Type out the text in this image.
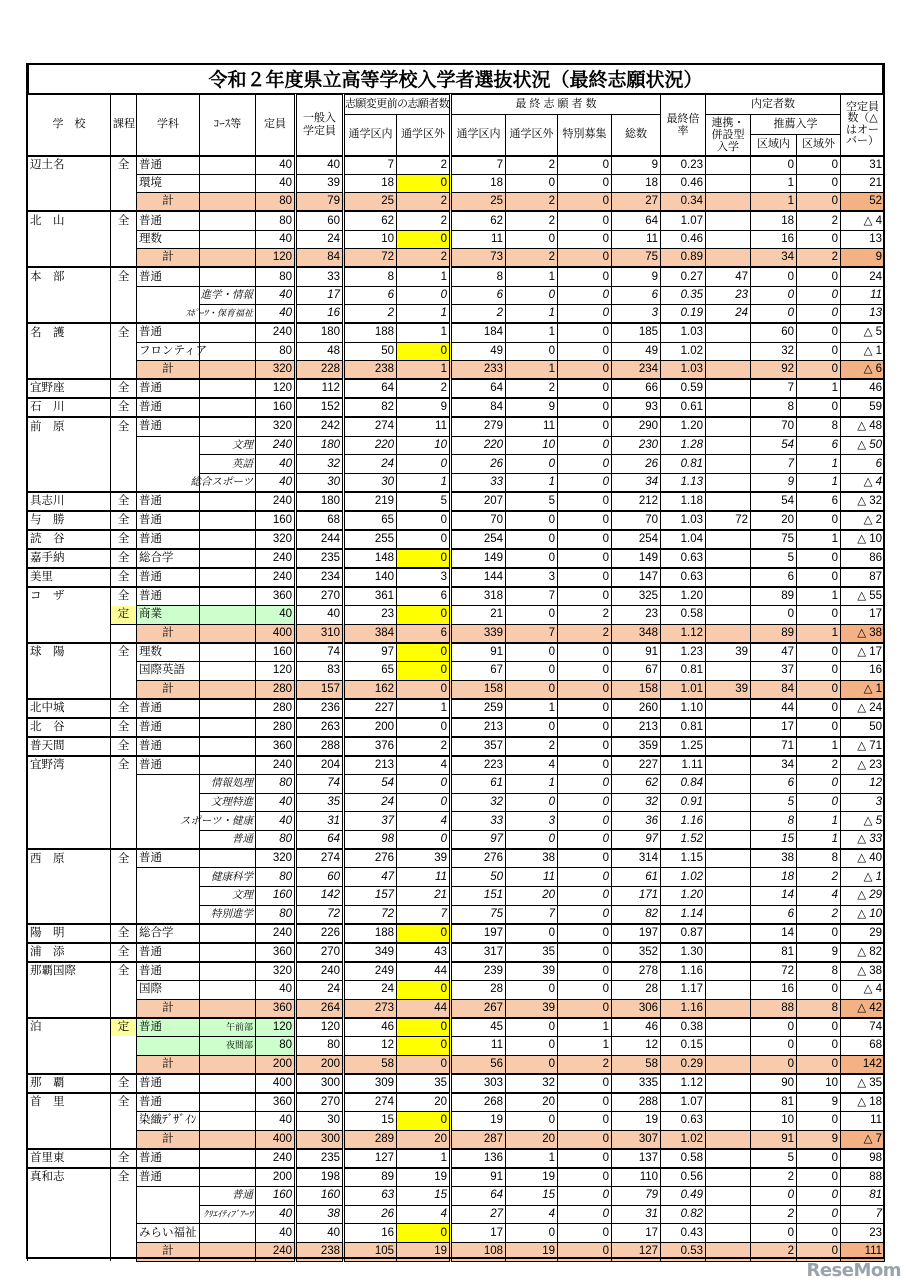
令和２年度県立高等学校入学者選抜状況（最終志願状況）
学　校	課程	学科	ｺｰｽ等	定員	一般入学定員	志願変更前の志願者数		最 終 志 願 者 数				最終倍率	内定者数			空定員数（△はオーバー）
						通学区内	通学区外	通学区内	通学区外	特別募集	総数		連携・併設型入学	推薦入学		
														区域内	区域外	
辺土名	全	普通		40	40	7	2	7	2	0	9	0.23		0	0	31
		環境		40	39	18	0	18	0	0	18	0.46		1	0	21
		計		80	79	25	2	25	2	0	27	0.34		1	0	52
北　山	全	普通		80	60	62	2	62	2	0	64	1.07		18	2	△ 4
		理数		40	24	10	0	11	0	0	11	0.46		16	0	13
		計		120	84	72	2	73	2	0	75	0.89		34	2	9
本　部	全	普通		80	33	8	1	8	1	0	9	0.27	47	0	0	24
			進学・情報	40	17	6	0	6	0	0	6	0.35	23	0	0	11
			ｽﾎﾟｰﾂ・保育福祉	40	16	2	1	2	1	0	3	0.19	24	0	0	13
名　護	全	普通		240	180	188	1	184	1	0	185	1.03		60	0	△ 5
		フロンティア		80	48	50	0	49	0	0	49	1.02		32	0	△ 1
		計		320	228	238	1	233	1	0	234	1.03		92	0	△ 6
宜野座	全	普通		120	112	64	2	64	2	0	66	0.59		7	1	46
石　川	全	普通		160	152	82	9	84	9	0	93	0.61		8	0	59
前　原	全	普通		320	242	274	11	279	11	0	290	1.20		70	8	△ 48
			文理	240	180	220	10	220	10	0	230	1.28		54	6	△ 50
			英語	40	32	24	0	26	0	0	26	0.81		7	1	6
			総合スポーツ	40	30	30	1	33	1	0	34	1.13		9	1	△ 4
具志川	全	普通		240	180	219	5	207	5	0	212	1.18		54	6	△ 32
与　勝	全	普通		160	68	65	0	70	0	0	70	1.03	72	20	0	△ 2
読　谷	全	普通		320	244	255	0	254	0	0	254	1.04		75	1	△ 10
嘉手納	全	総合学		240	235	148	0	149	0	0	149	0.63		5	0	86
美里	全	普通		240	234	140	3	144	3	0	147	0.63		6	0	87
コ　ザ	全	普通		360	270	361	6	318	7	0	325	1.20		89	1	△ 55
	定	商業		40	40	23	0	21	0	2	23	0.58		0	0	17
		計		400	310	384	6	339	7	2	348	1.12		89	1	△ 38
球　陽	全	理数		160	74	97	0	91	0	0	91	1.23	39	47	0	△ 17
		国際英語		120	83	65	0	67	0	0	67	0.81		37	0	16
		計		280	157	162	0	158	0	0	158	1.01	39	84	0	△ 1
北中城	全	普通		280	236	227	1	259	1	0	260	1.10		44	0	△ 24
北　谷	全	普通		280	263	200	0	213	0	0	213	0.81		17	0	50
普天間	全	普通		360	288	376	2	357	2	0	359	1.25		71	1	△ 71
宜野湾	全	普通		240	204	213	4	223	4	0	227	1.11		34	2	△ 23
			情報処理	80	74	54	0	61	1	0	62	0.84		6	0	12
			文理特進	40	35	24	0	32	0	0	32	0.91		5	0	3
			スポーツ・健康	40	31	37	4	33	3	0	36	1.16		8	1	△ 5
			普通	80	64	98	0	97	0	0	97	1.52		15	1	△ 33
西　原	全	普通		320	274	276	39	276	38	0	314	1.15		38	8	△ 40
			健康科学	80	60	47	11	50	11	0	61	1.02		18	2	△ 1
			文理	160	142	157	21	151	20	0	171	1.20		14	4	△ 29
			特別進学	80	72	72	7	75	7	0	82	1.14		6	2	△ 10
陽　明	全	総合学		240	226	188	0	197	0	0	197	0.87		14	0	29
浦　添	全	普通		360	270	349	43	317	35	0	352	1.30		81	9	△ 82
那覇国際	全	普通		320	240	249	44	239	39	0	278	1.16		72	8	△ 38
		国際		40	24	24	0	28	0	0	28	1.17		16	0	△ 4
		計		360	264	273	44	267	39	0	306	1.16		88	8	△ 42
泊	定	普通	午前部	120	120	46	0	45	0	1	46	0.38		0	0	74
			夜間部	80	80	12	0	11	0	1	12	0.15		0	0	68
		計		200	200	58	0	56	0	2	58	0.29		0	0	142
那　覇	全	普通		400	300	309	35	303	32	0	335	1.12		90	10	△ 35
首　里	全	普通		360	270	274	20	268	20	0	288	1.07		81	9	△ 18
		染織ﾃﾞｻﾞｲﾝ		40	30	15	0	19	0	0	19	0.63		10	0	11
		計		400	300	289	20	287	20	0	307	1.02		91	9	△ 7
首里東	全	普通		240	235	127	1	136	1	0	137	0.58		5	0	98
真和志	全	普通		200	198	89	19	91	19	0	110	0.56		2	0	88
			普通	160	160	63	15	64	15	0	79	0.49		0	0	81
			ｸﾘｴｲﾃｨﾌﾞｱｰﾂ	40	38	26	4	27	4	0	31	0.82		2	0	7
		みらい福祉		40	40	16	0	17	0	0	17	0.43		0	0	23
		計		240	238	105	19	108	19	0	127	0.53		2	0	111
ReseMom
